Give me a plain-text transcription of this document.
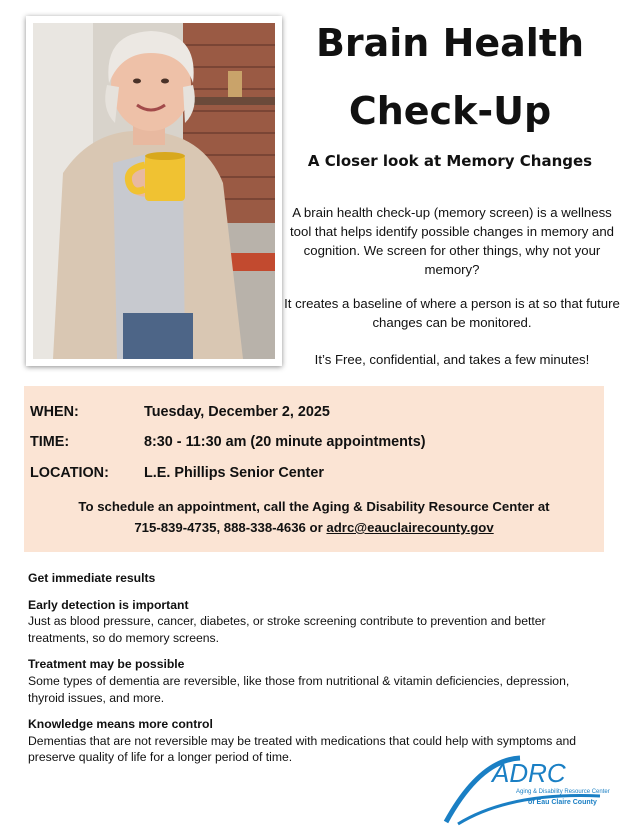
Brain Health
Check-Up
A Closer look at Memory Changes
A brain health check-up (memory screen) is a wellness tool that helps identify possible changes in memory and cognition. We screen for other things, why not your memory?
It creates a baseline of where a person is at so that future changes can be monitored.
It’s Free, confidential, and takes a few minutes!
WHEN:	Tuesday, December 2, 2025
TIME:	8:30 - 11:30 am (20 minute appointments)
LOCATION: L.E. Phillips Senior Center
To schedule an appointment, call the Aging & Disability Resource Center at
715-839-4735, 888-338-4636 or adrc@eauclairecounty.gov
Get immediate results
Early detection is important
Just as blood pressure, cancer, diabetes, or stroke screening contribute to prevention and better treatments, so do memory screens.
Treatment may be possible
Some types of dementia are reversible, like those from nutritional & vitamin deficiencies, depression, thyroid issues, and more.
Knowledge means more control
Dementias that are not reversible may be treated with medications that could help with symptoms and preserve quality of life for a longer period of time.
ADRC
Aging & Disability Resource Center
of Eau Claire County
